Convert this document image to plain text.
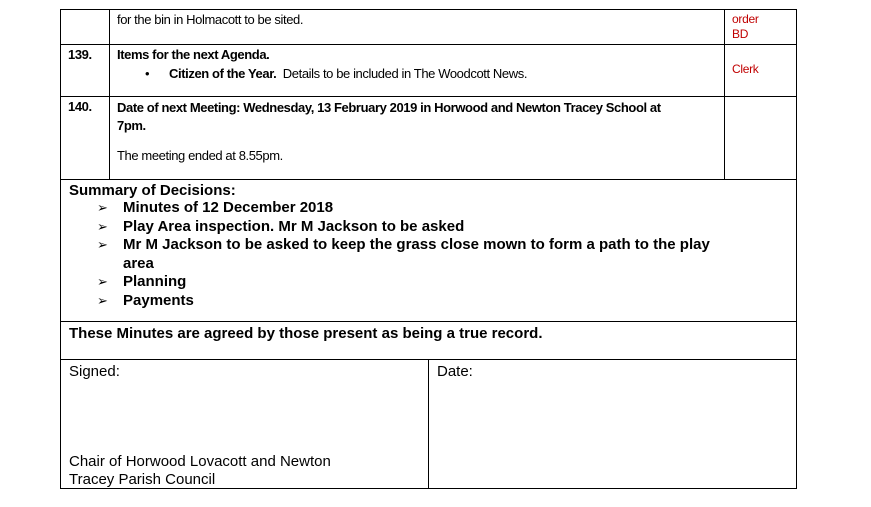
	for the bin in Holmacott to be sited.	order
BD

139.	Items for the next Agenda.
• Citizen of the Year. Details to be included in The Woodcott News.	Clerk

140.	Date of next Meeting: Wednesday, 13 February 2019 in Horwood and Newton Tracey School at
7pm.
The meeting ended at 8.55pm.	

Summary of Decisions:
➢ Minutes of 12 December 2018
➢ Play Area inspection. Mr M Jackson to be asked
➢ Mr M Jackson to be asked to keep the grass close mown to form a path to the play
area
➢ Planning
➢ Payments

These Minutes are agreed by those present as being a true record.

Signed:
Chair of Horwood Lovacott and Newton
Tracey Parish Council

Date:
